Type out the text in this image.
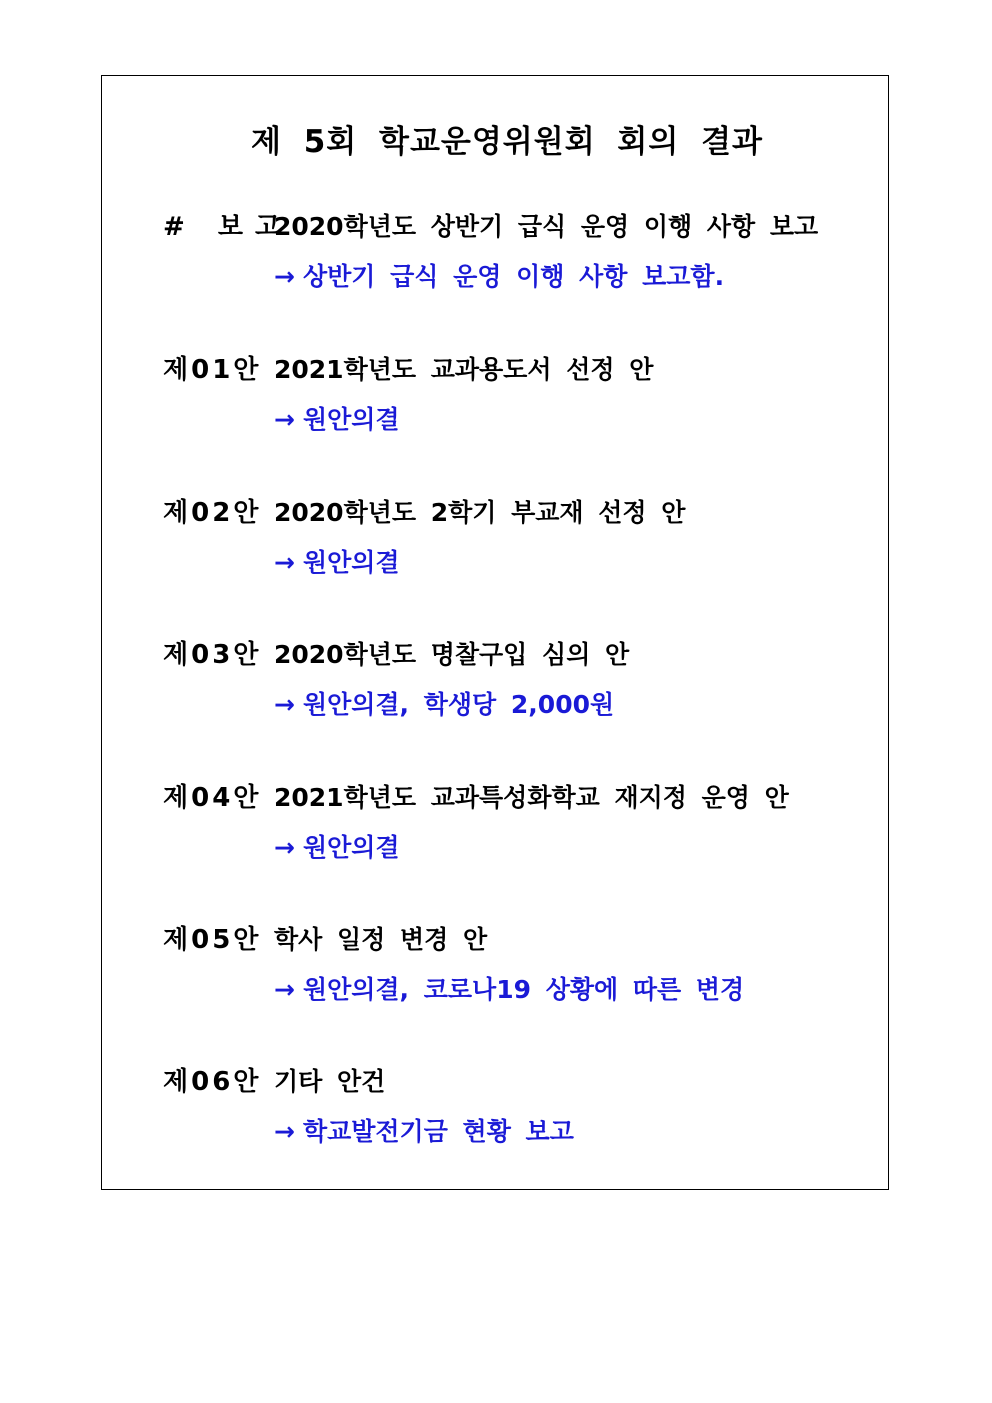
제 5회 학교운영위원회 회의 결과
# 보고
2020학년도 상반기 급식 운영 이행 사항 보고
→ 상반기 급식 운영 이행 사항 보고함.
제01안 2021학년도 교과용도서 선정 안
→ 원안의결
제02안 2020학년도 2학기 부교재 선정 안
→ 원안의결
제03안 2020학년도 명찰구입 심의 안
→ 원안의결, 학생당 2,000원
제04안 2021학년도 교과특성화학교 재지정 운영 안
→ 원안의결
제05안 학사 일정 변경 안
→ 원안의결, 코로나19 상황에 따른 변경
제06안 기타 안건
→ 학교발전기금 현황 보고
